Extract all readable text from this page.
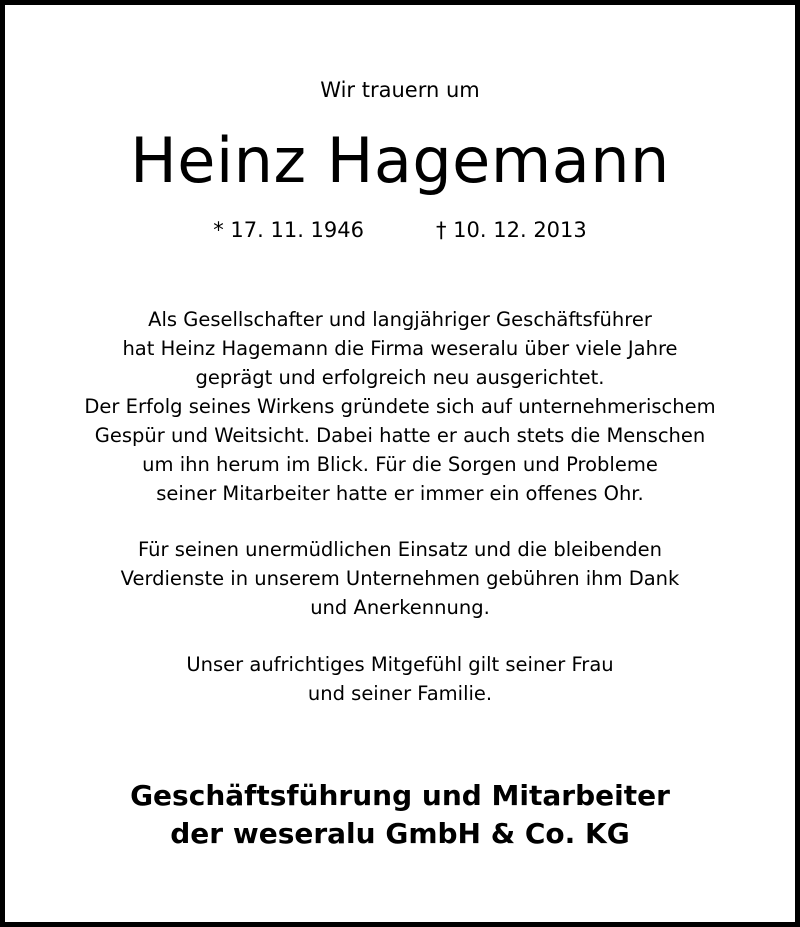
Wir trauern um
Heinz Hagemann
* 17. 11. 1946	† 10. 12. 2013
Als Gesellschafter und langjähriger Geschäftsführer
hat Heinz Hagemann die Firma weseralu über viele Jahre
geprägt und erfolgreich neu ausgerichtet.
Der Erfolg seines Wirkens gründete sich auf unternehmerischem
Gespür und Weitsicht. Dabei hatte er auch stets die Menschen
um ihn herum im Blick. Für die Sorgen und Probleme
seiner Mitarbeiter hatte er immer ein offenes Ohr.
Für seinen unermüdlichen Einsatz und die bleibenden
Verdienste in unserem Unternehmen gebühren ihm Dank
und Anerkennung.
Unser aufrichtiges Mitgefühl gilt seiner Frau
und seiner Familie.
Geschäftsführung und Mitarbeiter
der weseralu GmbH & Co. KG
